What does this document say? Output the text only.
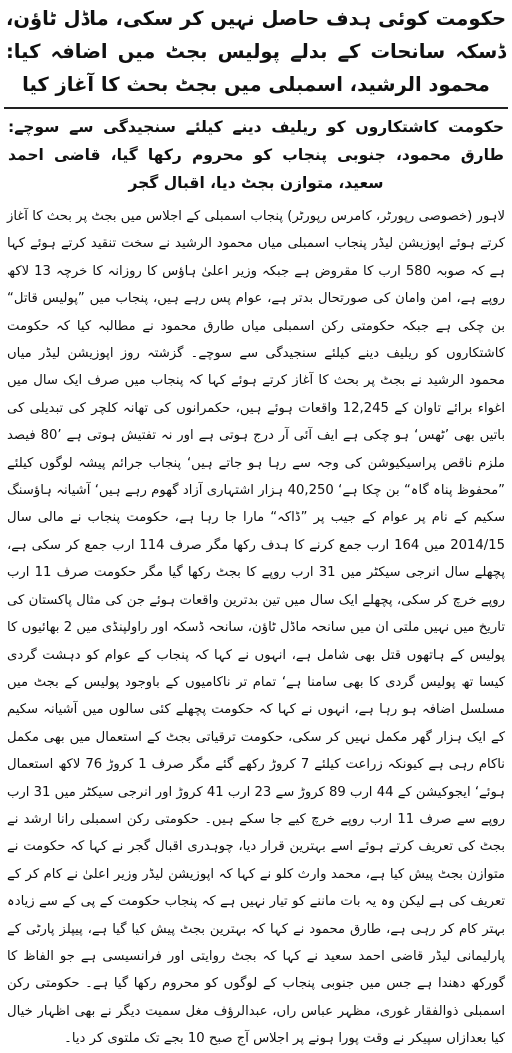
حکومت کوئی ہدف حاصل نہیں کر سکی، ماڈل ٹاؤن، ڈسکہ سانحات کے بدلے پولیس بجٹ میں اضافہ کیا: محمود الرشید، اسمبلی میں بجٹ بحث کا آغاز کیا
حکومت کاشتکاروں کو ریلیف دینے کیلئے سنجیدگی سے سوچے: طارق محمود، جنوبی پنجاب کو محروم رکھا گیا، قاضی احمد سعید، متوازن بجٹ دیا، اقبال گجر

لاہور (خصوصی رپورٹر، کامرس رپورٹر) پنجاب اسمبلی کے اجلاس میں بجٹ پر بحث کا آغاز کرتے ہوئے اپوزیشن لیڈر پنجاب اسمبلی میاں محمود الرشید نے سخت تنقید کرتے ہوئے کہا ہے کہ صوبہ 580 ارب کا مقروض ہے جبکہ وزیر اعلیٰ ہاؤس کا روزانہ کا خرچہ 13 لاکھ روپے ہے، امن وامان کی صورتحال بدتر ہے، عوام پس رہے ہیں، پنجاب میں ”پولیس قاتل“ بن چکی ہے جبکہ حکومتی رکن اسمبلی میاں طارق محمود نے مطالبہ کیا کہ حکومت کاشتکاروں کو ریلیف دینے کیلئے سنجیدگی سے سوچے۔ گزشتہ روز اپوزیشن لیڈر میاں محمود الرشید نے بجٹ پر بحث کا آغاز کرتے ہوئے کہا کہ پنجاب میں صرف ایک سال میں اغواء برائے تاوان کے 12,245 واقعات ہوئے ہیں، حکمرانوں کی تھانہ کلچر کی تبدیلی کی باتیں بھی ’ٹھس‘ ہو چکی ہے ایف آئی آر درج ہوتی ہے اور نہ تفتیش ہوتی ہے ’80 فیصد ملزم ناقص پراسیکیوشن کی وجہ سے رہا ہو جاتے ہیں‘ پنجاب جرائم پیشہ لوگوں کیلئے ”محفوظ پناہ گاہ“ بن چکا ہے‘ 40,250 ہزار اشتہاری آزاد گھوم رہے ہیں‘ آشیانہ ہاؤسنگ سکیم کے نام پر عوام کے جیب پر ”ڈاکہ“ مارا جا رہا ہے، حکومت پنجاب نے مالی سال 2014/15 میں 164 ارب جمع کرنے کا ہدف رکھا مگر صرف 114 ارب جمع کر سکی ہے، پچھلے سال انرجی سیکٹر میں 31 ارب روپے کا بجٹ رکھا گیا مگر حکومت صرف 11 ارب روپے خرچ کر سکی، پچھلے ایک سال میں تین بدترین واقعات ہوئے جن کی مثال پاکستان کی تاریخ میں نہیں ملتی ان میں سانحہ ماڈل ٹاؤن، سانحہ ڈسکہ اور راولپنڈی میں 2 بھائیوں کا پولیس کے ہاتھوں قتل بھی شامل ہے، انہوں نے کہا کہ پنجاب کے عوام کو دہشت گردی کیسا تھ پولیس گردی کا بھی سامنا ہے‘ تمام تر ناکامیوں کے باوجود پولیس کے بجٹ میں مسلسل اضافہ ہو رہا ہے، انہوں نے کہا کہ حکومت پچھلے کئی سالوں میں آشیانہ سکیم کے ایک ہزار گھر مکمل نہیں کر سکی، حکومت ترقیاتی بجٹ کے استعمال میں بھی مکمل ناکام رہی ہے کیونکہ زراعت کیلئے 7 کروڑ رکھے گئے مگر صرف 1 کروڑ 76 لاکھ استعمال ہوئے‘ ایجوکیشن کے 44 ارب 89 کروڑ سے 23 ارب 41 کروڑ اور انرجی سیکٹر میں 31 ارب روپے سے صرف 11 ارب روپے خرچ کیے جا سکے ہیں۔ حکومتی رکن اسمبلی رانا ارشد نے بجٹ کی تعریف کرتے ہوئے اسے بہترین قرار دیا، چوہدری اقبال گجر نے کہا کہ حکومت نے متوازن بجٹ پیش کیا ہے، محمد وارث کلو نے کہا کہ اپوزیشن لیڈر وزیر اعلیٰ نے کام کر کے تعریف کی ہے لیکن وہ یہ بات ماننے کو تیار نہیں ہے کہ پنجاب حکومت کے پی کے سے زیادہ بہتر کام کر رہی ہے، طارق محمود نے کہا کہ بہترین بجٹ پیش کیا گیا ہے، پیپلز پارٹی کے پارلیمانی لیڈر قاضی احمد سعید نے کہا کہ بجٹ روایتی اور فرانسیسی ہے جو الفاظ کا گورکھ دھندا ہے جس میں جنوبی پنجاب کے لوگوں کو محروم رکھا گیا ہے۔ حکومتی رکن اسمبلی ذوالفقار غوری، مظہر عباس راں، عبدالرؤف مغل سمیت دیگر نے بھی اظہار خیال کیا بعدازاں سپیکر نے وقت پورا ہونے پر اجلاس آج صبح 10 بجے تک ملتوی کر دیا۔
